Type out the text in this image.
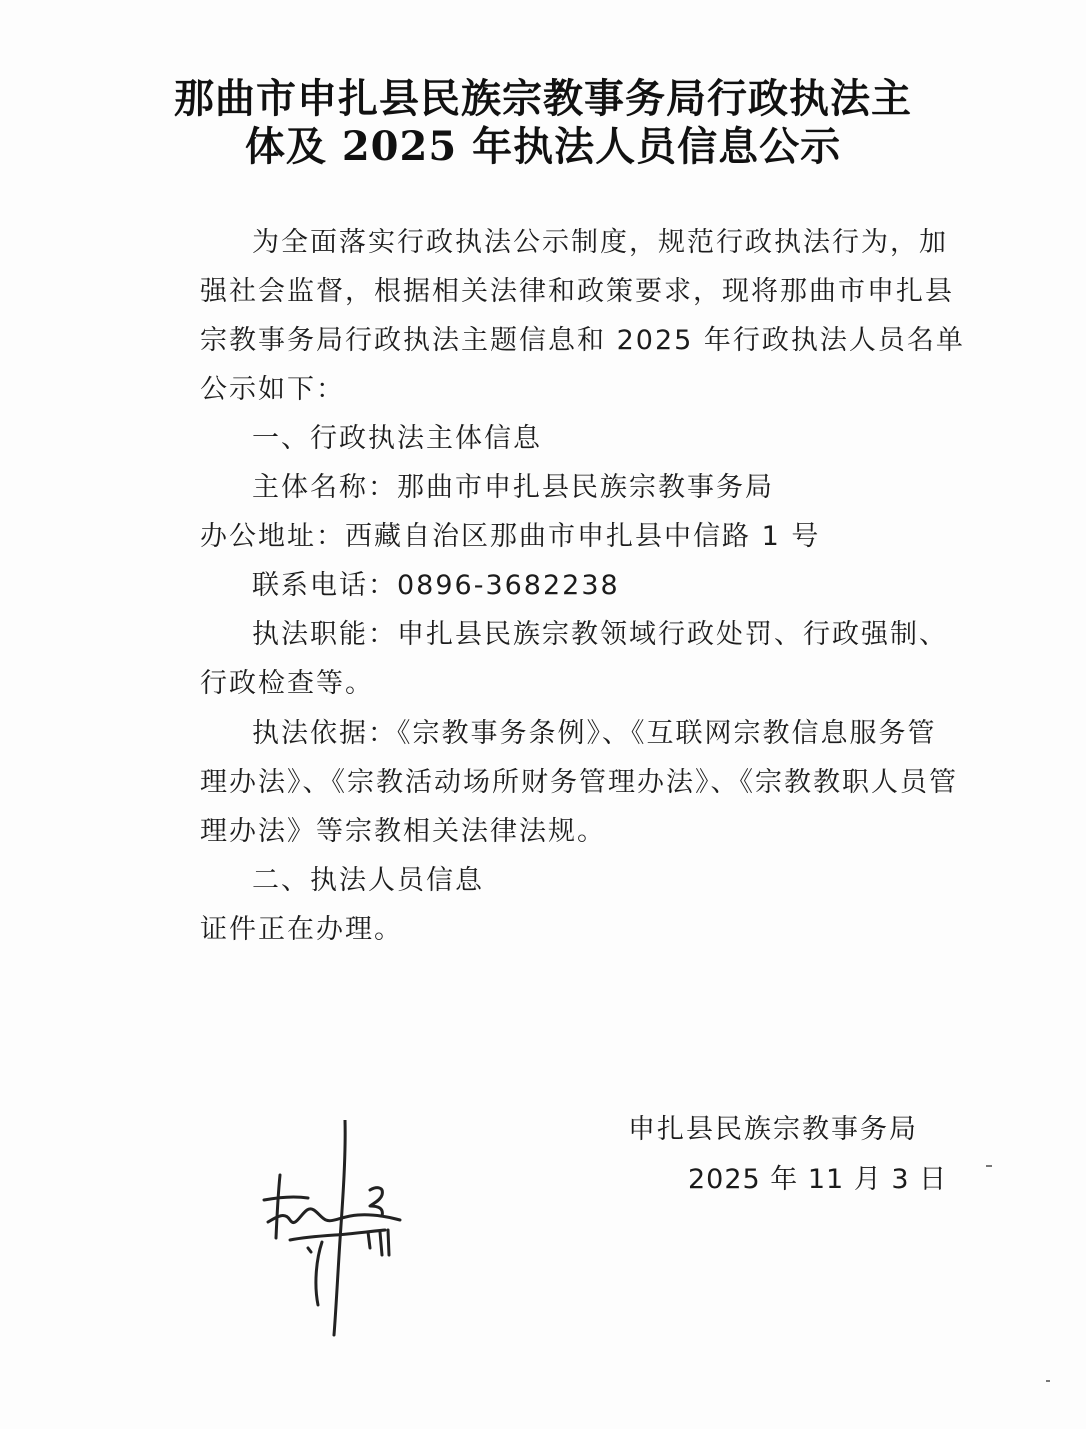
那曲市申扎县民族宗教事务局行政执法主
体及 2025 年执法人员信息公示
为全面落实行政执法公示制度，规范行政执法行为，加
强社会监督，根据相关法律和政策要求，现将那曲市申扎县
宗教事务局行政执法主题信息和 2025 年行政执法人员名单
公示如下：
一、行政执法主体信息
主体名称：那曲市申扎县民族宗教事务局
办公地址：西藏自治区那曲市申扎县中信路 1 号
联系电话：0896-3682238
执法职能：申扎县民族宗教领域行政处罚、行政强制、
行政检查等。
执法依据：《宗教事务条例》、《互联网宗教信息服务管
理办法》、《宗教活动场所财务管理办法》、《宗教教职人员管
理办法》等宗教相关法律法规。
二、执法人员信息
证件正在办理。
申扎县民族宗教事务局
2025 年 11 月 3 日
